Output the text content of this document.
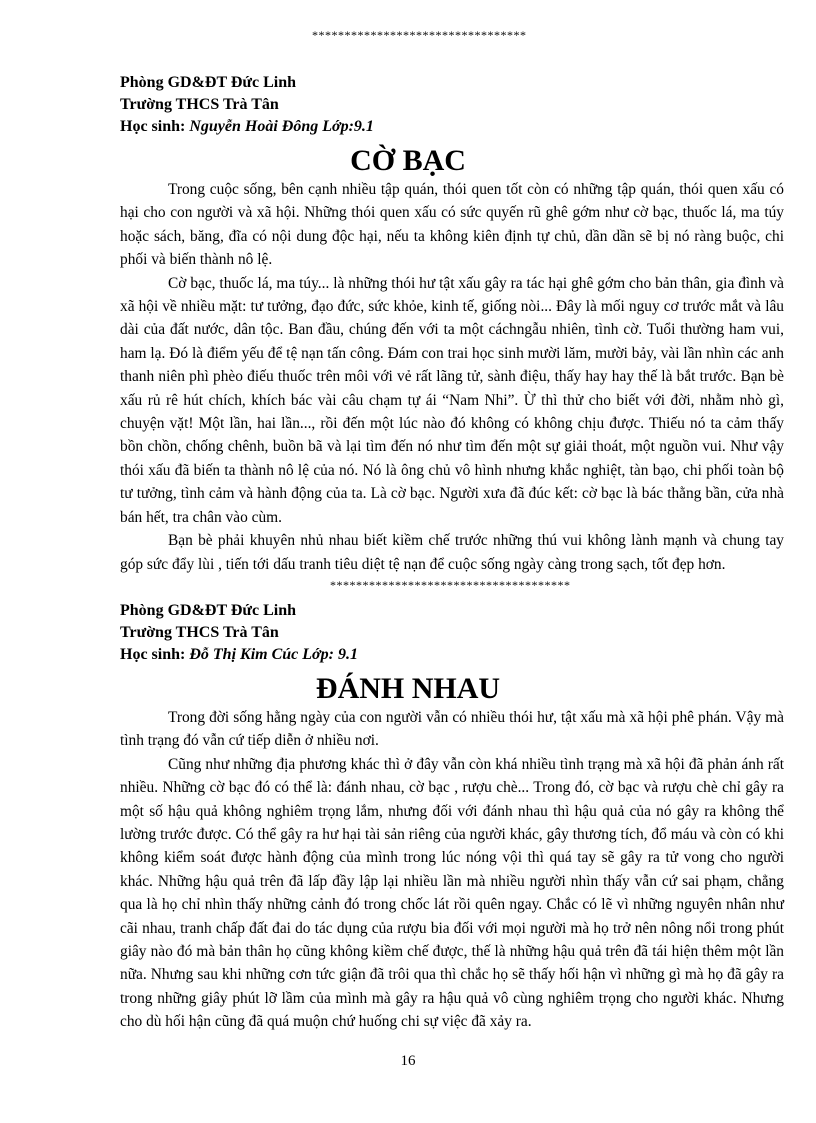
*********************************
Phòng GD&ĐT Đức Linh
Trường THCS Trà Tân
Học sinh: Nguyễn Hoài Đông Lớp:9.1
CỜ BẠC

Trong cuộc sống, bên cạnh nhiều tập quán, thói quen tốt còn có những tập quán, thói quen xấu có hại cho con người và xã hội. Những thói quen xấu có sức quyến rũ ghê gớm như cờ bạc, thuốc lá, ma túy hoặc sách, băng, đĩa có nội dung độc hại, nếu ta không kiên định tự chủ, dần dần sẽ bị nó ràng buộc, chi phối và biến thành nô lệ.

Cờ bạc, thuốc lá, ma túy... là những thói hư tật xấu gây ra tác hại ghê gớm cho bản thân, gia đình và xã hội về nhiều mặt: tư tưởng, đạo đức, sức khỏe, kinh tế, giống nòi... Đây là mối nguy cơ trước mắt và lâu dài của đất nước, dân tộc. Ban đầu, chúng đến với ta một cáchngẫu nhiên, tình cờ. Tuổi thường ham vui, ham lạ. Đó là điểm yếu để tệ nạn tấn công. Đám con trai học sinh mười lăm, mười bảy, vài lần nhìn các anh thanh niên phì phèo điếu thuốc trên môi với vẻ rất lãng tử, sành điệu, thấy hay hay thế là bắt trước. Bạn bè xấu rủ rê hút chích, khích bác vài câu chạm tự ái “Nam Nhi”. Ừ thì thử cho biết với đời, nhằm nhò gì, chuyện vặt! Một lần, hai lần..., rồi đến một lúc nào đó không có không chịu được. Thiếu nó ta cảm thấy bồn chồn, chống chênh, buồn bã và lại tìm đến nó như tìm đến một sự giải thoát, một nguồn vui. Như vậy thói xấu đã biến ta thành nô lệ của nó. Nó là ông chủ vô hình nhưng khắc nghiệt, tàn bạo, chi phối toàn bộ tư tưởng, tình cảm và hành động của ta. Là cờ bạc. Người xưa đã đúc kết: cờ bạc là bác thằng bần, cửa nhà bán hết, tra chân vào cùm.

Bạn bè phải khuyên nhủ nhau biết kiềm chế trước những thú vui không lành mạnh và chung tay góp sức đẩy lùi , tiến tới dấu tranh tiêu diệt tệ nạn để cuộc sống ngày càng trong sạch, tốt đẹp hơn.

*************************************
Phòng GD&ĐT Đức Linh
Trường THCS Trà Tân
Học sinh: Đỗ Thị Kim Cúc Lớp: 9.1
ĐÁNH NHAU

Trong đời sống hằng ngày của con người vẫn có nhiều thói hư, tật xấu mà xã hội phê phán. Vậy mà tình trạng đó vẫn cứ tiếp diễn ở nhiều nơi.

Cũng như những địa phương khác thì ở đây vẫn còn khá nhiều tình trạng mà xã hội đã phản ánh rất nhiều. Những cờ bạc đó có thể là: đánh nhau, cờ bạc , rượu chè... Trong đó, cờ bạc và rượu chè chỉ gây ra một số hậu quả không nghiêm trọng lắm, nhưng đối với đánh nhau thì hậu quả của nó gây ra không thể lường trước được. Có thể gây ra hư hại tài sản riêng của người khác, gây thương tích, đổ máu và còn có khi không kiểm soát được hành động của mình trong lúc nóng vội thì quá tay sẽ gây ra tử vong cho người khác. Những hậu quả trên đã lấp đầy lập lại nhiều lần mà nhiều người nhìn thấy vẫn cứ sai phạm, chẳng qua là họ chỉ nhìn thấy những cảnh đó trong chốc lát rồi quên ngay. Chắc có lẽ vì những nguyên nhân như cãi nhau, tranh chấp đất đai do tác dụng của rượu bia đối với mọi người mà họ trở nên nông nổi trong phút giây nào đó mà bản thân họ cũng không kiềm chế được, thế là những hậu quả trên đã tái hiện thêm một lần nữa. Nhưng sau khi những cơn tức giận đã trôi qua thì chắc họ sẽ thấy hối hận vì những gì mà họ đã gây ra trong những giây phút lỡ lầm của mình mà gây ra hậu quả vô cùng nghiêm trọng cho người khác. Nhưng cho dù hối hận cũng đã quá muộn chứ huống chi sự việc đã xảy ra.

16
